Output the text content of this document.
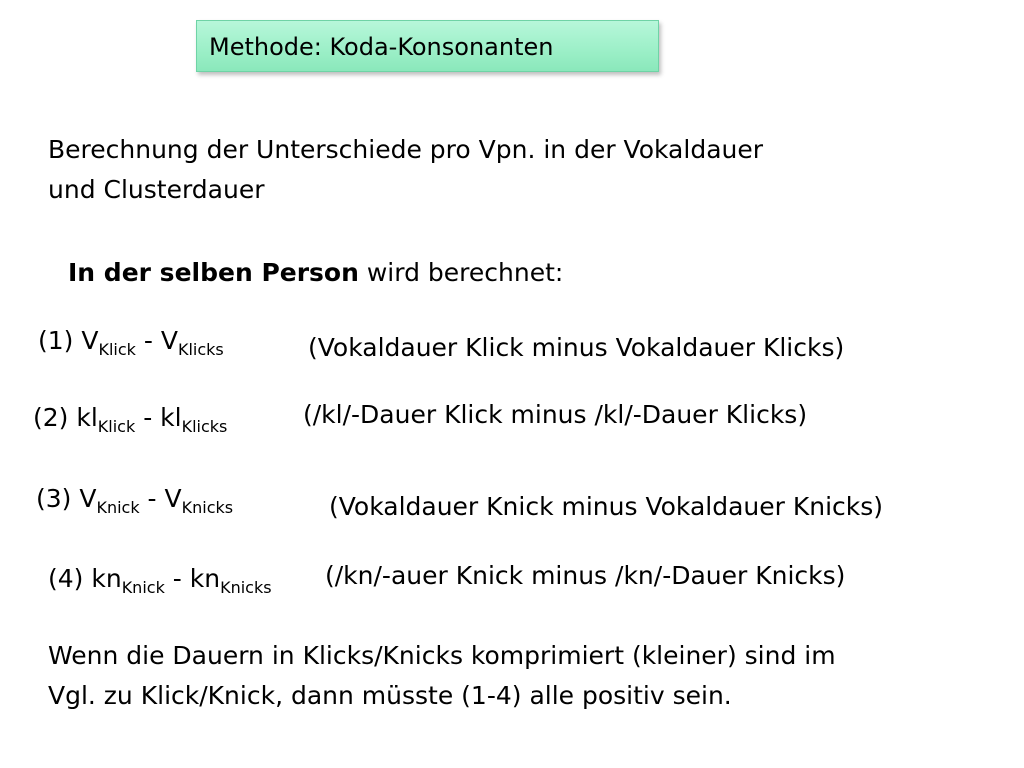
Methode: Koda-Konsonanten
Berechnung der Unterschiede pro Vpn. in der Vokaldauer
und Clusterdauer
In der selben Person wird berechnet:
(1) $V_{Klick} - V_{Klicks}$	(Vokaldauer Klick minus Vokaldauer Klicks)
(2) $kl_{Klick} - kl_{Klicks}$	(/kl/-Dauer Klick minus /kl/-Dauer Klicks)
(3) $V_{Knick} - V_{Knicks}$	(Vokaldauer Knick minus Vokaldauer Knicks)
(4) $kn_{Knick} - kn_{Knicks}$ (/kn/-auer Knick minus /kn/-Dauer Knicks)
Wenn die Dauern in Klicks/Knicks komprimiert (kleiner) sind im
Vgl. zu Klick/Knick, dann müsste (1-4) alle positiv sein.
